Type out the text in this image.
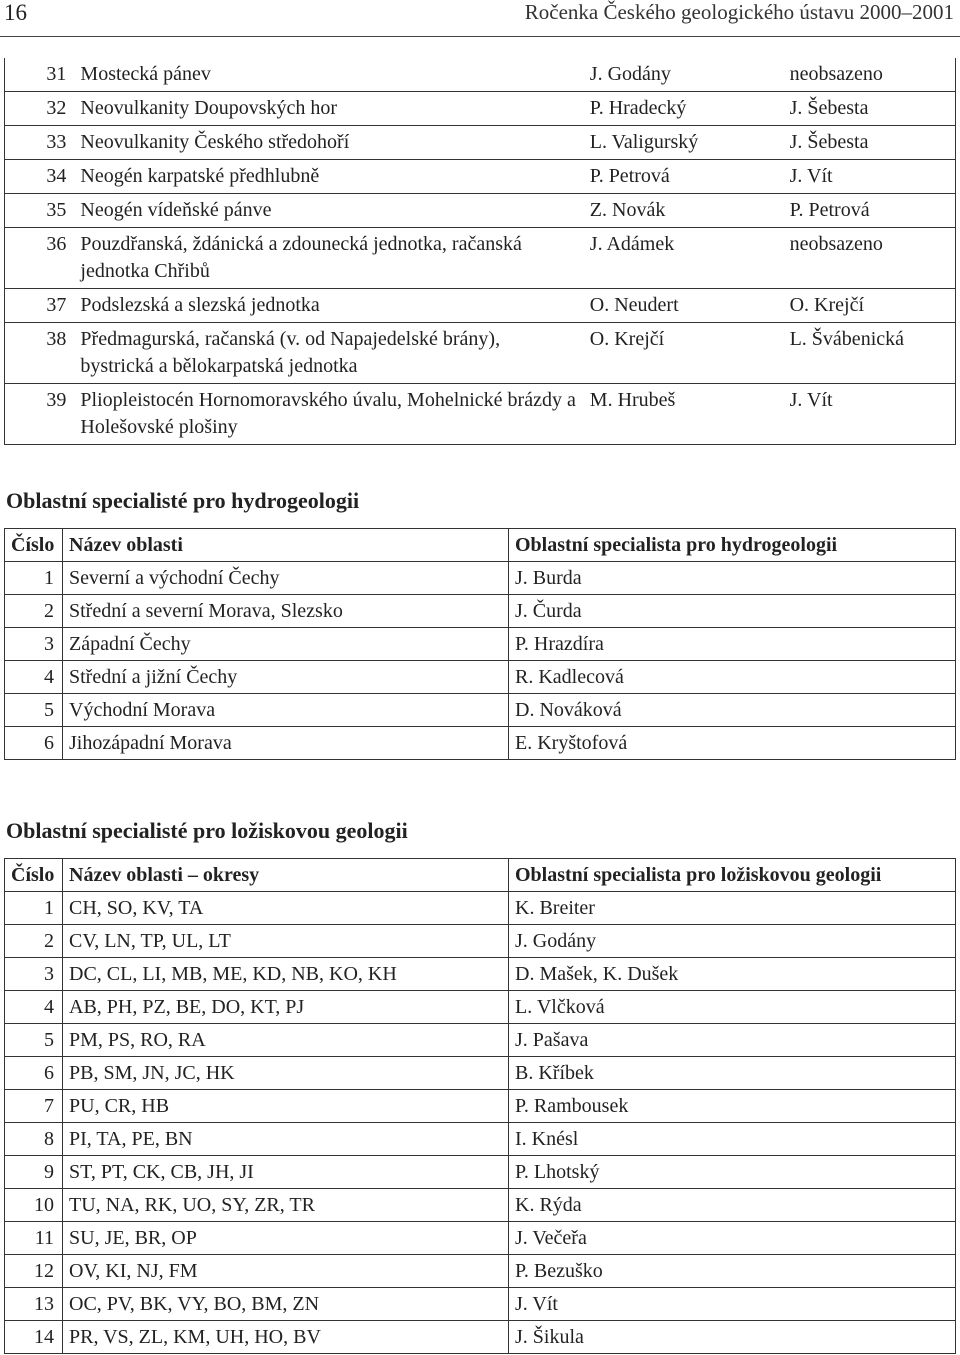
16	Ročenka Českého geologického ústavu 2000–2001
31	Mostecká pánev	J. Godány	neobsazeno
32	Neovulkanity Doupovských hor	P. Hradecký	J. Šebesta
33	Neovulkanity Českého středohoří	L. Valigurský	J. Šebesta
34	Neogén karpatské předhlubně	P. Petrová	J. Vít
35	Neogén vídeňské pánve	Z. Novák	P. Petrová
36	Pouzdřanská, ždánická a zdounecká jednotka, račanská jednotka Chřibů	J. Adámek	neobsazeno
37	Podslezská a slezská jednotka	O. Neudert	O. Krejčí
38	Předmagurská, račanská (v. od Napajedelské brány), bystrická a bělokarpatská jednotka	O. Krejčí	L. Švábenická
39	Pliopleistocén Hornomoravského úvalu, Mohelnické brázdy a Holešovské plošiny	M. Hrubeš	J. Vít
Oblastní specialisté pro hydrogeologii
Číslo	Název oblasti	Oblastní specialista pro hydrogeologii
1	Severní a východní Čechy	J. Burda
2	Střední a severní Morava, Slezsko	J. Čurda
3	Západní Čechy	P. Hrazdíra
4	Střední a jižní Čechy	R. Kadlecová
5	Východní Morava	D. Nováková
6	Jihozápadní Morava	E. Kryštofová
Oblastní specialisté pro ložiskovou geologii
Číslo	Název oblasti – okresy	Oblastní specialista pro ložiskovou geologii
1	CH, SO, KV, TA	K. Breiter
2	CV, LN, TP, UL, LT	J. Godány
3	DC, CL, LI, MB, ME, KD, NB, KO, KH	D. Mašek, K. Dušek
4	AB, PH, PZ, BE, DO, KT, PJ	L. Vlčková
5	PM, PS, RO, RA	J. Pašava
6	PB, SM, JN, JC, HK	B. Kříbek
7	PU, CR, HB	P. Rambousek
8	PI, TA, PE, BN	I. Knésl
9	ST, PT, CK, CB, JH, JI	P. Lhotský
10	TU, NA, RK, UO, SY, ZR, TR	K. Rýda
11	SU, JE, BR, OP	J. Večeřa
12	OV, KI, NJ, FM	P. Bezuško
13	OC, PV, BK, VY, BO, BM, ZN	J. Vít
14	PR, VS, ZL, KM, UH, HO, BV	J. Šikula
